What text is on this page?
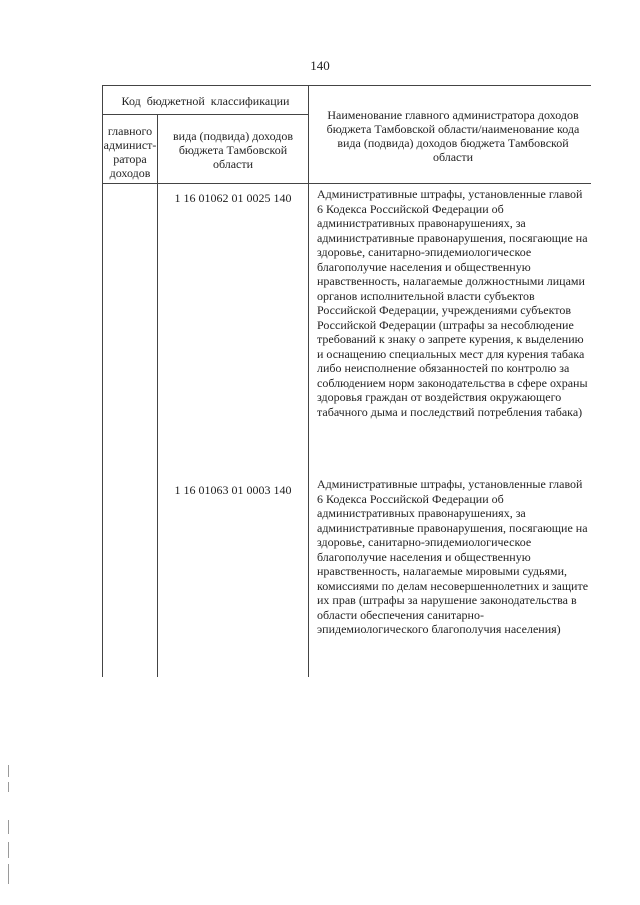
140
Код бюджетной классификации
главного админист-ратора доходов
вида (подвида) доходов бюджета Тамбовской области
Наименование главного администратора доходов бюджета Тамбовской области/наименование кода вида (подвида) доходов бюджета Тамбовской области
1 16 01062 01 0025 140	Административные штрафы, установленные главой 6 Кодекса Российской Федерации об административных правонарушениях, за административные правонарушения, посягающие на здоровье, санитарно-эпидемиологическое благополучие населения и общественную нравственность, налагаемые должностными лицами органов исполнительной власти субъектов Российской Федерации, учреждениями субъектов Российской Федерации (штрафы за несоблюдение требований к знаку о запрете курения, к выделению и оснащению специальных мест для курения табака либо неисполнение обязанностей по контролю за соблюдением норм законодательства в сфере охраны здоровья граждан от воздействия окружающего табачного дыма и последствий потребления табака)
1 16 01063 01 0003 140	Административные штрафы, установленные главой 6 Кодекса Российской Федерации об административных правонарушениях, за административные правонарушения, посягающие на здоровье, санитарно-эпидемиологическое благополучие населения и общественную нравственность, налагаемые мировыми судьями, комиссиями по делам несовершеннолетних и защите их прав (штрафы за нарушение законодательства в области обеспечения санитарно-эпидемиологического благополучия населения)
